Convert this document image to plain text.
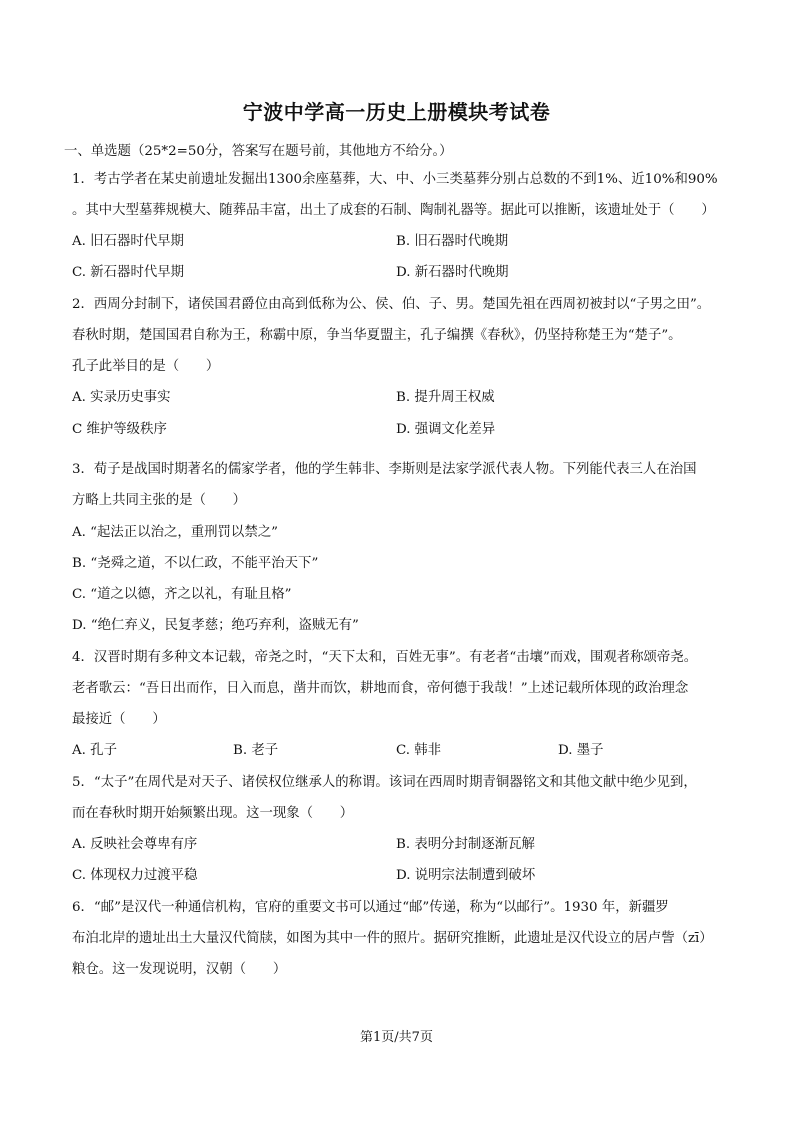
宁波中学高一历史上册模块考试卷
一、单选题（25*2=50分，答案写在题号前，其他地方不给分。）
1．考古学者在某史前遗址发掘出1300余座墓葬，大、中、小三类墓葬分别占总数的不到1%、近10%和90%
。其中大型墓葬规模大、随葬品丰富，出土了成套的石制、陶制礼器等。据此可以推断，该遗址处于（　　）
A. 旧石器时代早期	B. 旧石器时代晚期
C. 新石器时代早期	D. 新石器时代晚期
2．西周分封制下，诸侯国君爵位由高到低称为公、侯、伯、子、男。楚国先祖在西周初被封以“子男之田”。
春秋时期，楚国国君自称为王，称霸中原，争当华夏盟主，孔子编撰《春秋》，仍坚持称楚王为“楚子”。
孔子此举目的是（　　）
A. 实录历史事实	B. 提升周王权威
C 维护等级秩序	D. 强调文化差异
3．荀子是战国时期著名的儒家学者，他的学生韩非、李斯则是法家学派代表人物。下列能代表三人在治国
方略上共同主张的是（　　）
A. “起法正以治之，重刑罚以禁之”
B. “尧舜之道，不以仁政，不能平治天下”
C. “道之以德，齐之以礼，有耻且格”
D. “绝仁弃义，民复孝慈；绝巧弃利，盗贼无有”
4．汉晋时期有多种文本记载，帝尧之时，“天下太和，百姓无事”。有老者“击壤”而戏，围观者称颂帝尧。
老者歌云：“吾日出而作，日入而息，凿井而饮，耕地而食，帝何德于我哉！”上述记载所体现的政治理念
最接近（　　）
A. 孔子	B. 老子	C. 韩非	D. 墨子
5．“太子”在周代是对天子、诸侯权位继承人的称谓。该词在西周时期青铜器铭文和其他文献中绝少见到，
而在春秋时期开始频繁出现。这一现象（　　）
A. 反映社会尊卑有序	B. 表明分封制逐渐瓦解
C. 体现权力过渡平稳	D. 说明宗法制遭到破坏
6．“邮”是汉代一种通信机构，官府的重要文书可以通过“邮”传递，称为“以邮行”。1930 年，新疆罗
布泊北岸的遗址出土大量汉代简牍，如图为其中一件的照片。据研究推断，此遗址是汉代设立的居卢訾（zī）
粮仓。这一发现说明，汉朝（　　）
第1页/共7页
